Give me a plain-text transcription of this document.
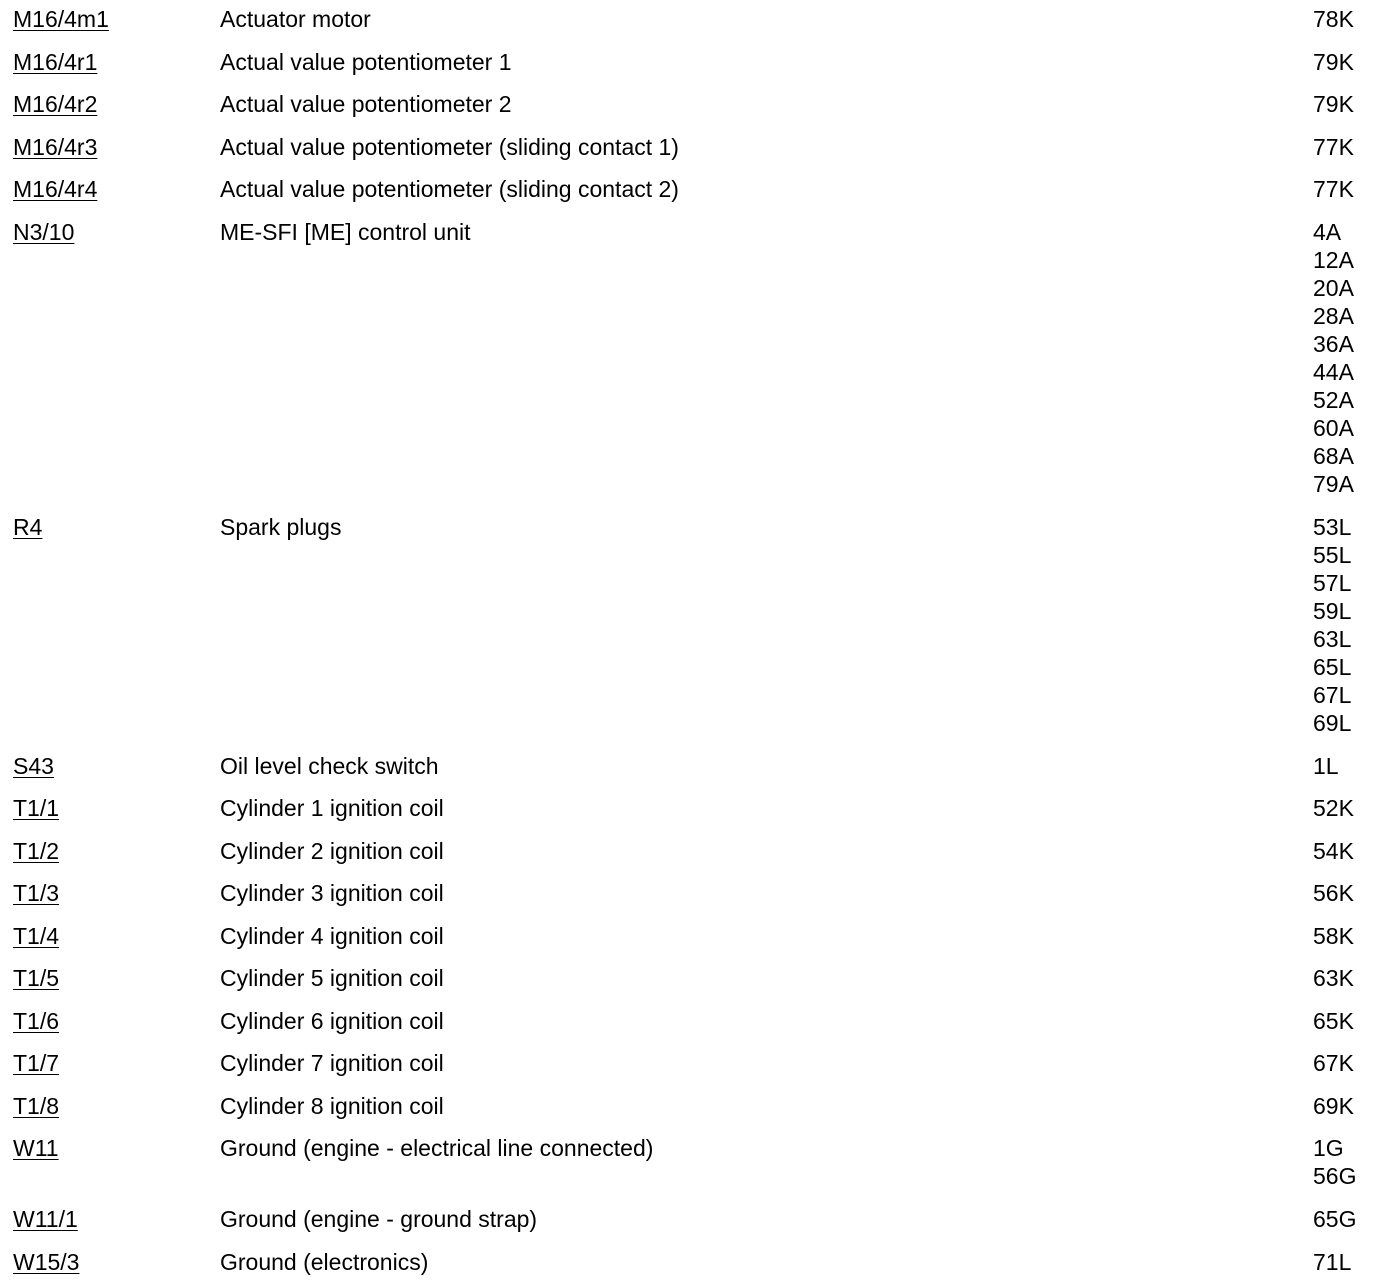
M16/4m1	Actuator motor	78K
M16/4r1	Actual value potentiometer 1	79K
M16/4r2	Actual value potentiometer 2	79K
M16/4r3	Actual value potentiometer (sliding contact 1)	77K
M16/4r4	Actual value potentiometer (sliding contact 2)	77K
N3/10	ME-SFI [ME] control unit	4A
12A
20A
28A
36A
44A
52A
60A
68A
79A
R4	Spark plugs	53L
55L
57L
59L
63L
65L
67L
69L
S43	Oil level check switch	1L
T1/1	Cylinder 1 ignition coil	52K
T1/2	Cylinder 2 ignition coil	54K
T1/3	Cylinder 3 ignition coil	56K
T1/4	Cylinder 4 ignition coil	58K
T1/5	Cylinder 5 ignition coil	63K
T1/6	Cylinder 6 ignition coil	65K
T1/7	Cylinder 7 ignition coil	67K
T1/8	Cylinder 8 ignition coil	69K
W11	Ground (engine - electrical line connected)	1G
56G
W11/1	Ground (engine - ground strap)	65G
W15/3	Ground (electronics)	71L
